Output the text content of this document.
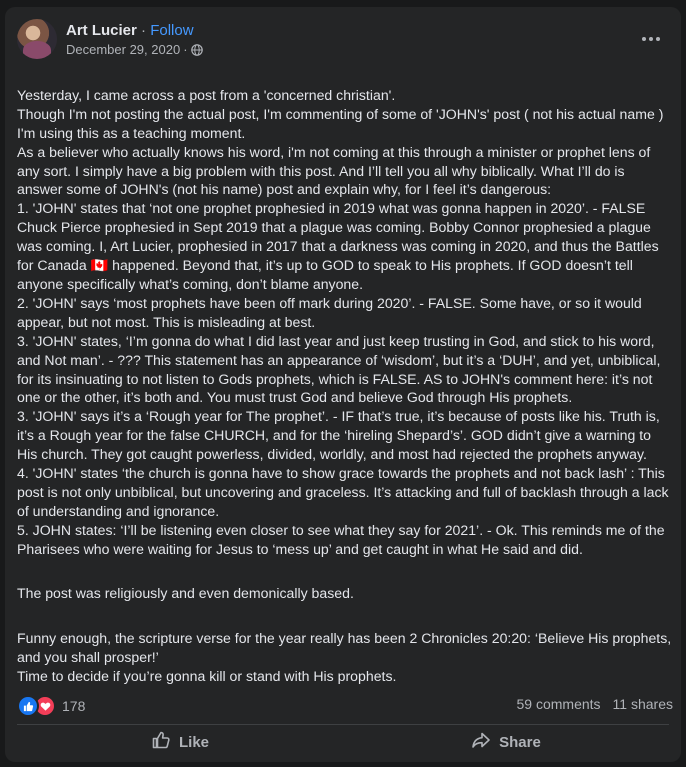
Art Lucier · Follow
December 29, 2020 ·

Yesterday, I came across a post from a 'concerned christian'.
Though I'm not posting the actual post, I'm commenting of some of 'JOHN's' post ( not his actual name )
I'm using this as a teaching moment.
As a believer who actually knows his word, i'm not coming at this through a minister or prophet lens of any sort. I simply have a big problem with this post. And I’ll tell you all why biblically. What I’ll do is answer some of JOHN's (not his name) post and explain why, for I feel it’s dangerous:
1. 'JOHN' states that ‘not one prophet prophesied in 2019 what was gonna happen in 2020’. - FALSE
Chuck Pierce prophesied in Sept 2019 that a plague was coming. Bobby Connor prophesied a plague was coming. I, Art Lucier, prophesied in 2017 that a darkness was coming in 2020, and thus the Battles for Canada 🇨🇦 happened. Beyond that, it’s up to GOD to speak to His prophets. If GOD doesn’t tell anyone specifically what’s coming, don’t blame anyone.
2. 'JOHN' says ‘most prophets have been off mark during 2020’. - FALSE. Some have, or so it would appear, but not most. This is misleading at best.
3. 'JOHN' states, ‘I’m gonna do what I did last year and just keep trusting in God, and stick to his word, and Not man’. - ??? This statement has an appearance of ‘wisdom’, but it’s a ‘DUH’, and yet, unbiblical, for its insinuating to not listen to Gods prophets, which is FALSE. AS to JOHN's comment here: it’s not one or the other, it’s both and. You must trust God and believe God through His prophets.
3. 'JOHN' says it’s a ‘Rough year for The prophet’. - IF that’s true, it’s because of posts like his. Truth is, it’s a Rough year for the false CHURCH, and for the ‘hireling Shepard’s’. GOD didn’t give a warning to His church. They got caught powerless, divided, worldly, and most had rejected the prophets anyway.
4. 'JOHN' states ‘the church is gonna have to show grace towards the prophets and not back lash’ : This post is not only unbiblical, but uncovering and graceless. It’s attacking and full of backlash through a lack of understanding and ignorance.
5. JOHN states: ‘I’ll be listening even closer to see what they say for 2021’. - Ok. This reminds me of the Pharisees who were waiting for Jesus to ‘mess up’ and get caught in what He said and did.

The post was religiously and even demonically based.

Funny enough, the scripture verse for the year really has been 2 Chronicles 20:20: ‘Believe His prophets, and you shall prosper!’
Time to decide if you’re gonna kill or stand with His prophets.

178	59 comments 11 shares
Like	Share
